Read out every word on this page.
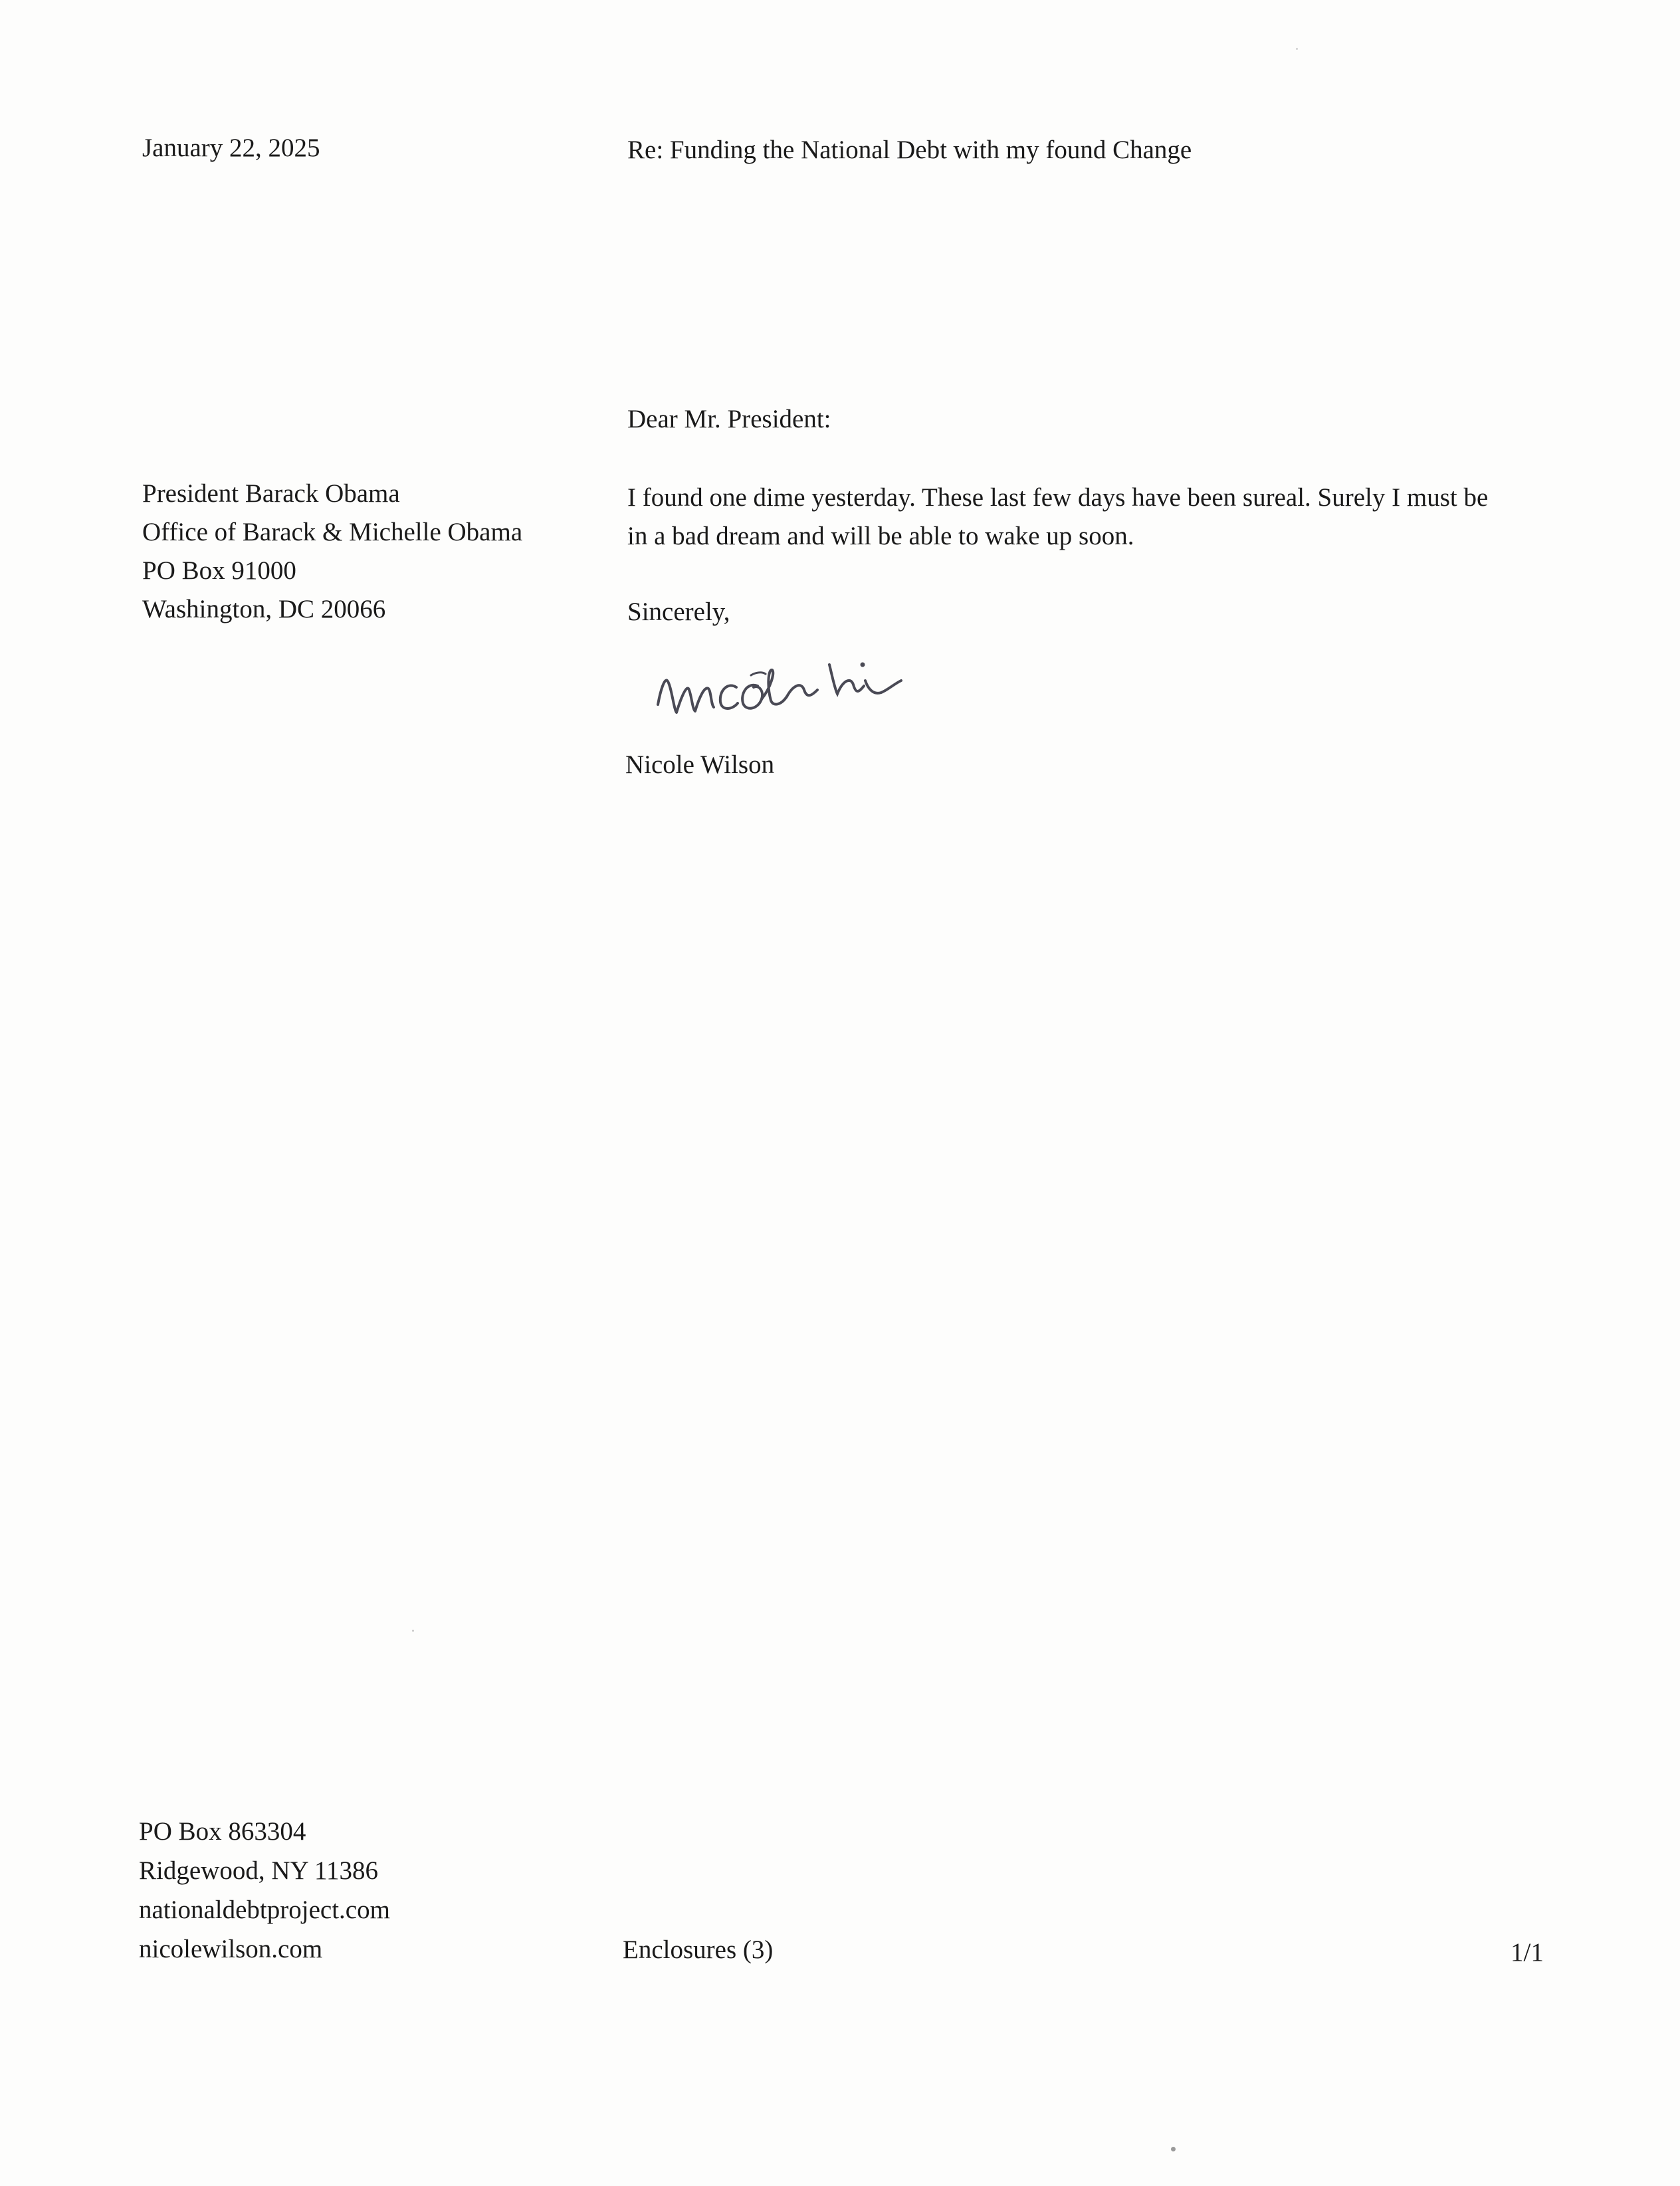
January 22, 2025	Re: Funding the National Debt with my found Change

Dear Mr. President:

President Barack Obama
Office of Barack & Michelle Obama
PO Box 91000
Washington, DC 20066
I found one dime yesterday. These last few days have been sureal. Surely I must be
in a bad dream and will be able to wake up soon.

Sincerely,

Nicole Wilson

PO Box 863304
Ridgewood, NY 11386
nationaldebtproject.com
nicolewilson.com	Enclosures (3)	1/1
